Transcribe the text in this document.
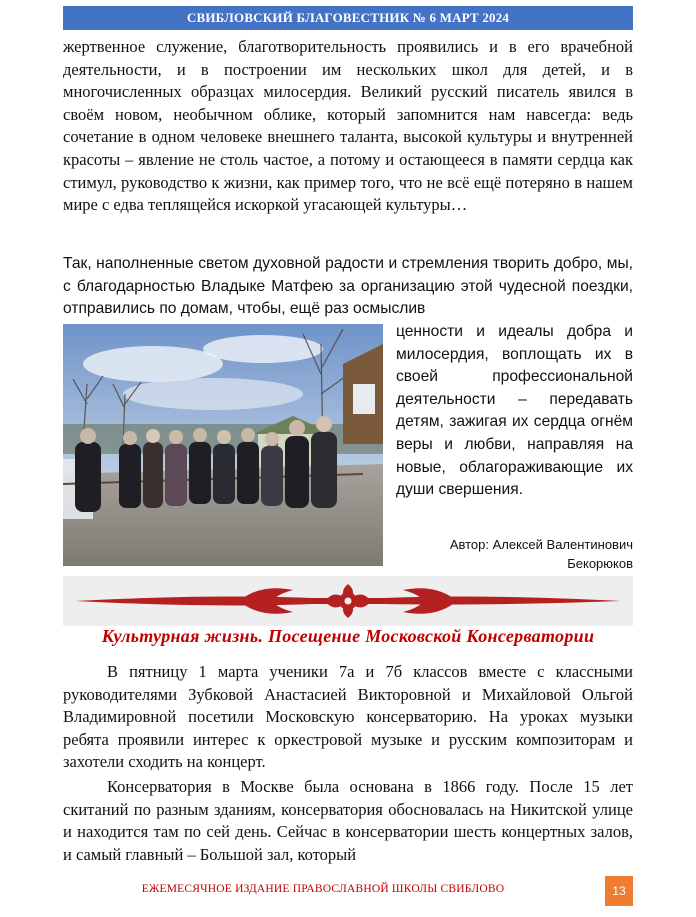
СВИБЛОВСКИЙ БЛАГОВЕСТНИК № 6 МАРТ 2024

жертвенное служение, благотворительность проявились и в его врачебной деятельности, и в построении им нескольких школ для детей, и в многочисленных образцах милосердия. Великий русский писатель явился в своём новом, необычном облике, который запомнится нам навсегда: ведь сочетание в одном человеке внешнего таланта, высокой культуры и внутренней красоты – явление не столь частое, а потому и остающееся в памяти сердца как стимул, руководство к жизни, как пример того, что не всё ещё потеряно в нашем мире с едва теплящейся искоркой угасающей культуры…

Так, наполненные светом духовной радости и стремления творить добро, мы, с благодарностью Владыке Матфею за организацию этой чудесной поездки, отправились по домам, чтобы, ещё раз осмыслив

ценности и идеалы добра и милосердия, воплощать их в своей профессиональной деятельности – передавать детям, зажигая их сердца огнём веры и любви, направляя на новые, облагораживающие их души свершения.

Автор: Алексей Валентинович
Бекорюков
Культурная жизнь. Посещение Московской Консерватории

В пятницу 1 марта ученики 7а и 7б классов вместе с классными руководителями Зубковой Анастасией Викторовной и Михайловой Ольгой Владимировной посетили Московскую консерваторию. На уроках музыки ребята проявили интерес к оркестровой музыке и русским композиторам и захотели сходить на концерт.

Консерватория в Москве была основана в 1866 году. После 15 лет скитаний по разным зданиям, консерватория обосновалась на Никитской улице и находится там по сей день. Сейчас в консерватории шесть концертных залов, и самый главный – Большой зал, который

ЕЖЕМЕСЯЧНОЕ ИЗДАНИЕ ПРАВОСЛАВНОЙ ШКОЛЫ СВИБЛОВО	13
